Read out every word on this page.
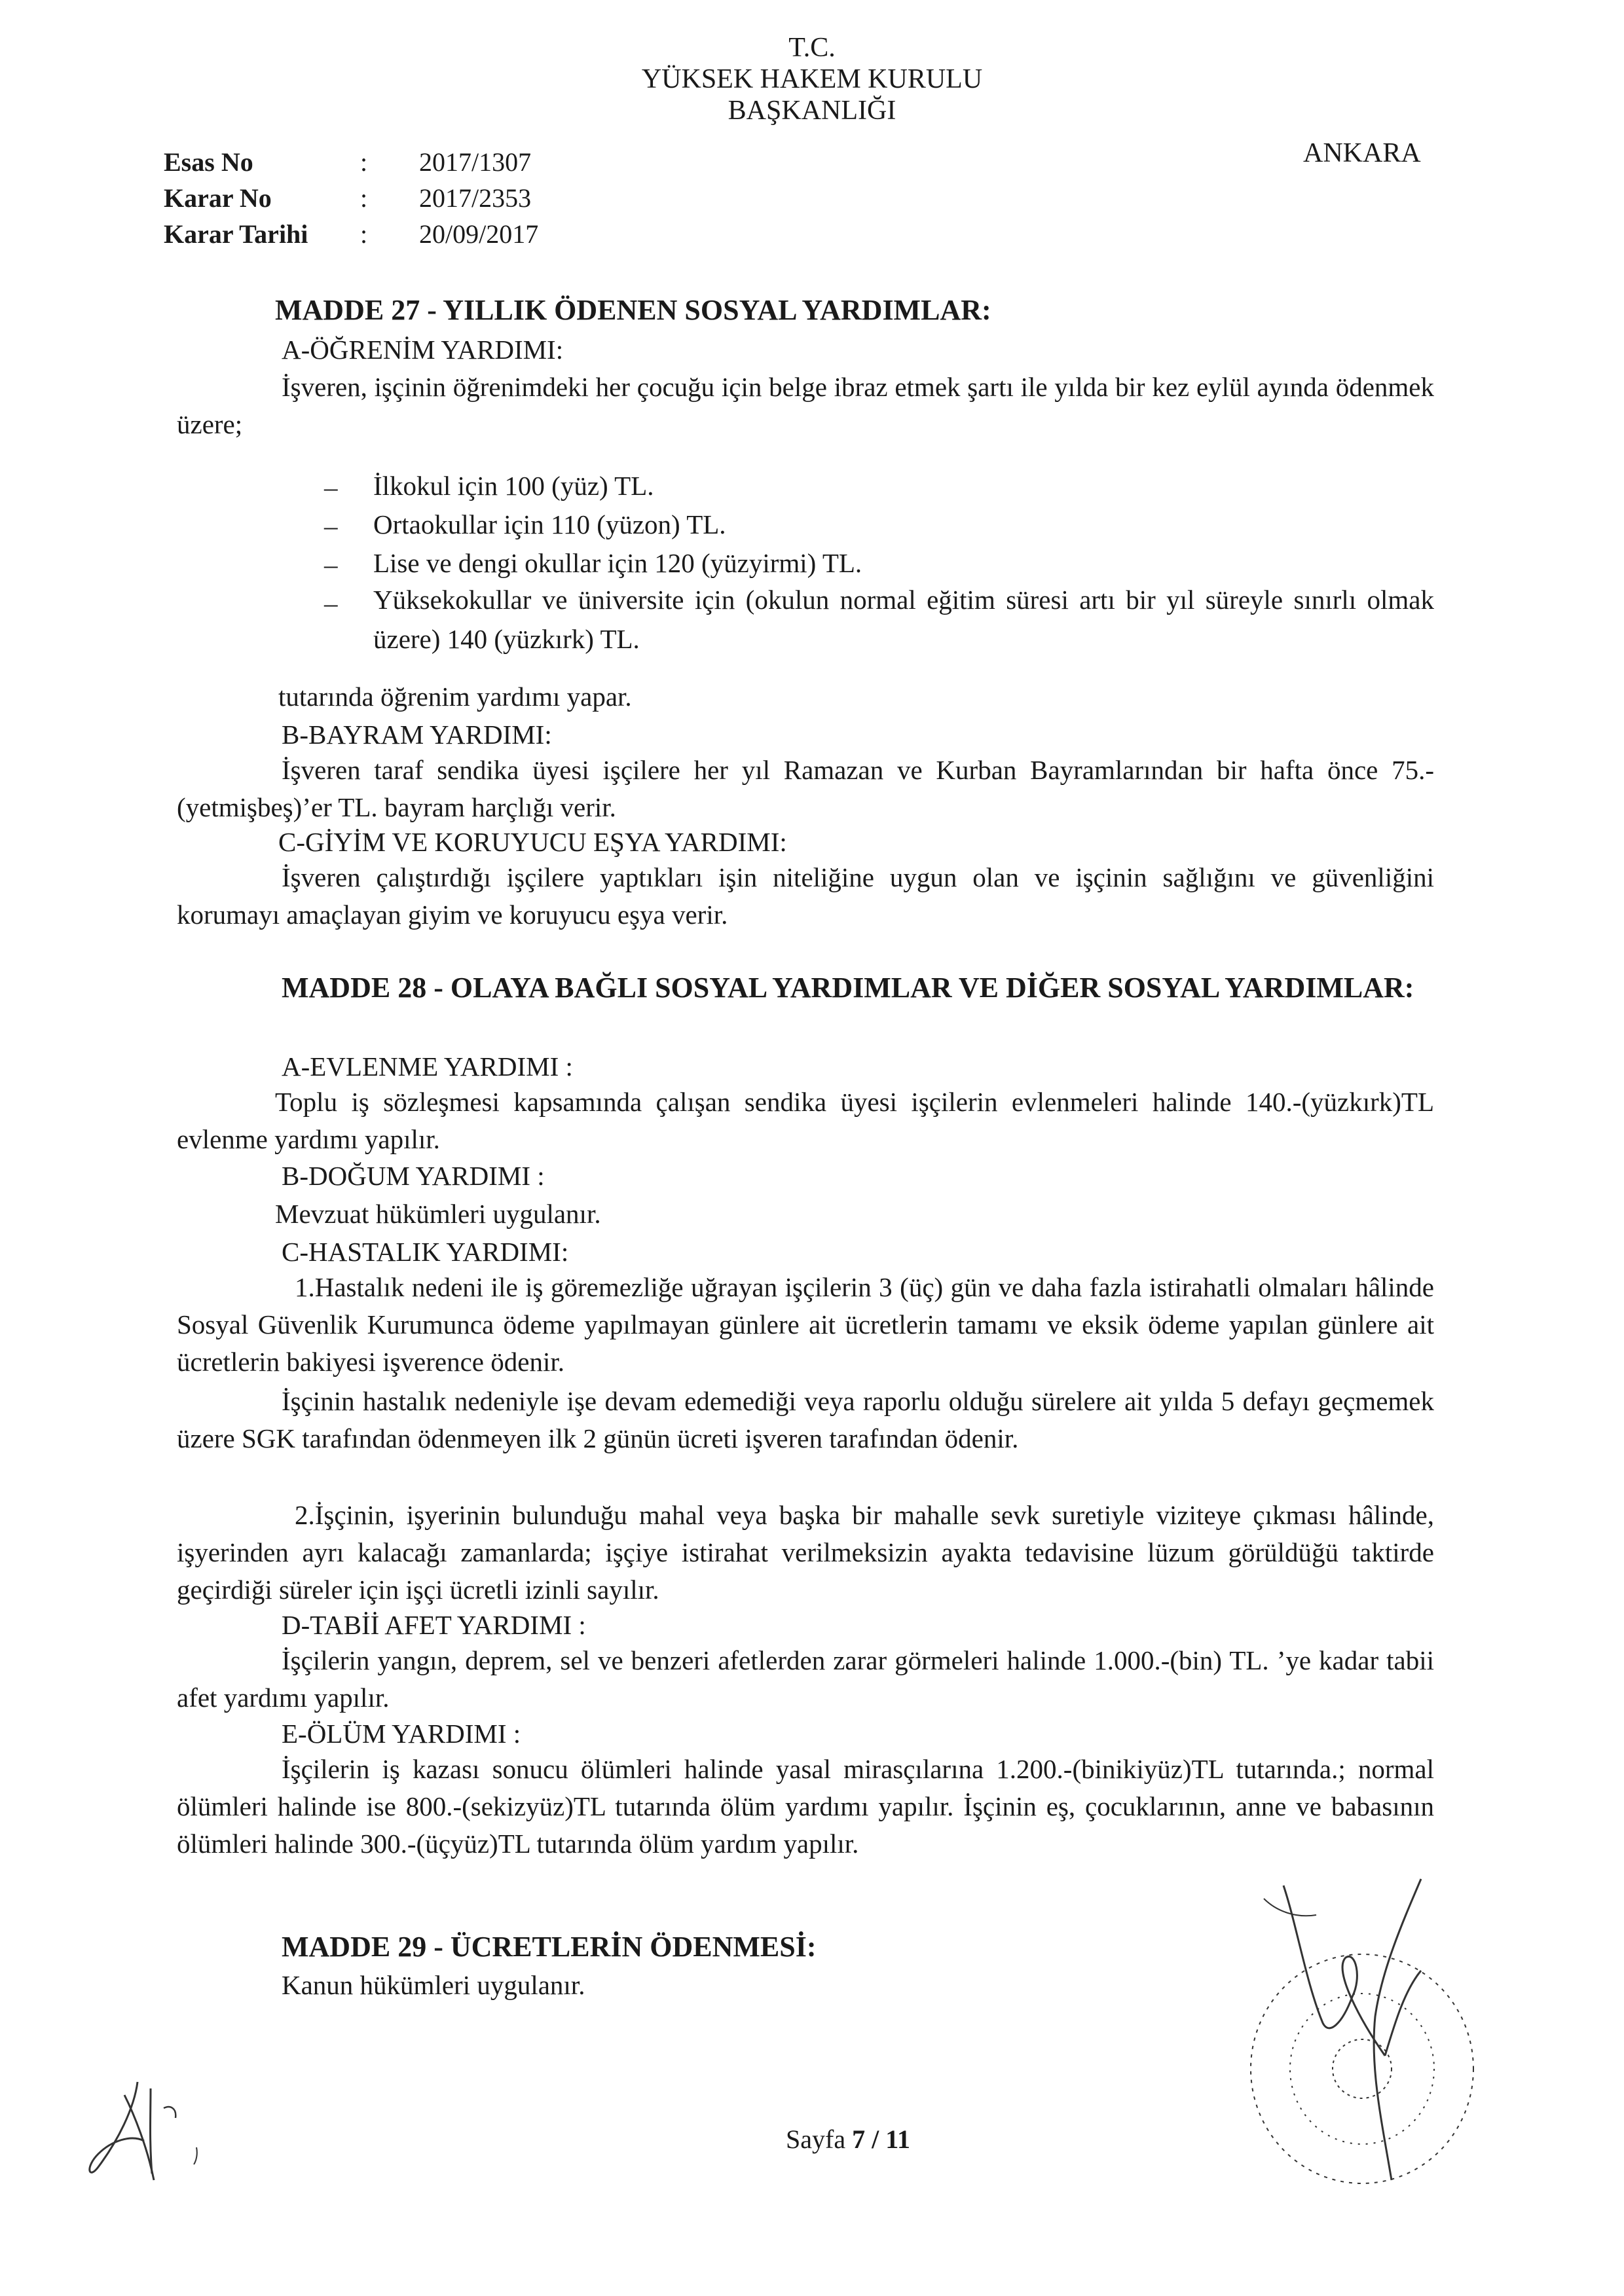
T.C.
YÜKSEK HAKEM KURULU
BAŞKANLIĞI
ANKARA
Esas No	: 2017/1307
Karar No	: 2017/2353
Karar Tarihi : 20/09/2017
MADDE 27 - YILLIK ÖDENEN SOSYAL YARDIMLAR:
A-ÖĞRENİM YARDIMI:
İşveren, işçinin öğrenimdeki her çocuğu için belge ibraz etmek şartı ile yılda bir kez eylül ayında ödenmek üzere;
– İlkokul için 100 (yüz) TL.
– Ortaokullar için 110 (yüzon) TL.
– Lise ve dengi okullar için 120 (yüzyirmi) TL.
– Yüksekokullar ve üniversite için (okulun normal eğitim süresi artı bir yıl süreyle sınırlı olmak üzere) 140 (yüzkırk) TL.
tutarında öğrenim yardımı yapar.
B-BAYRAM YARDIMI:
İşveren taraf sendika üyesi işçilere her yıl Ramazan ve Kurban Bayramlarından bir hafta önce 75.-(yetmişbeş)’er TL. bayram harçlığı verir.
C-GİYİM VE KORUYUCU EŞYA YARDIMI:
İşveren çalıştırdığı işçilere yaptıkları işin niteliğine uygun olan ve işçinin sağlığını ve güvenliğini korumayı amaçlayan giyim ve koruyucu eşya verir.
MADDE 28 - OLAYA BAĞLI SOSYAL YARDIMLAR VE DİĞER SOSYAL YARDIMLAR:
A-EVLENME YARDIMI :
Toplu iş sözleşmesi kapsamında çalışan sendika üyesi işçilerin evlenmeleri halinde 140.-(yüzkırk)TL evlenme yardımı yapılır.
B-DOĞUM YARDIMI :
Mevzuat hükümleri uygulanır.
C-HASTALIK YARDIMI:
1.Hastalık nedeni ile iş göremezliğe uğrayan işçilerin 3 (üç) gün ve daha fazla istirahatli olmaları hâlinde Sosyal Güvenlik Kurumunca ödeme yapılmayan günlere ait ücretlerin tamamı ve eksik ödeme yapılan günlere ait ücretlerin bakiyesi işverence ödenir.
İşçinin hastalık nedeniyle işe devam edemediği veya raporlu olduğu sürelere ait yılda 5 defayı geçmemek üzere SGK tarafından ödenmeyen ilk 2 günün ücreti işveren tarafından ödenir.
2.İşçinin, işyerinin bulunduğu mahal veya başka bir mahalle sevk suretiyle viziteye çıkması hâlinde, işyerinden ayrı kalacağı zamanlarda; işçiye istirahat verilmeksizin ayakta tedavisine lüzum görüldüğü taktirde geçirdiği süreler için işçi ücretli izinli sayılır.
D-TABİİ AFET YARDIMI :
İşçilerin yangın, deprem, sel ve benzeri afetlerden zarar görmeleri halinde 1.000.-(bin) TL. ’ye kadar tabii afet yardımı yapılır.
E-ÖLÜM YARDIMI :
İşçilerin iş kazası sonucu ölümleri halinde yasal mirasçılarına 1.200.-(binikiyüz)TL tutarında.; normal ölümleri halinde ise 800.-(sekizyüz)TL tutarında ölüm yardımı yapılır. İşçinin eş, çocuklarının, anne ve babasının ölümleri halinde 300.-(üçyüz)TL tutarında ölüm yardım yapılır.
MADDE 29 - ÜCRETLERİN ÖDENMESİ:
Kanun hükümleri uygulanır.
Sayfa 7 / 11
